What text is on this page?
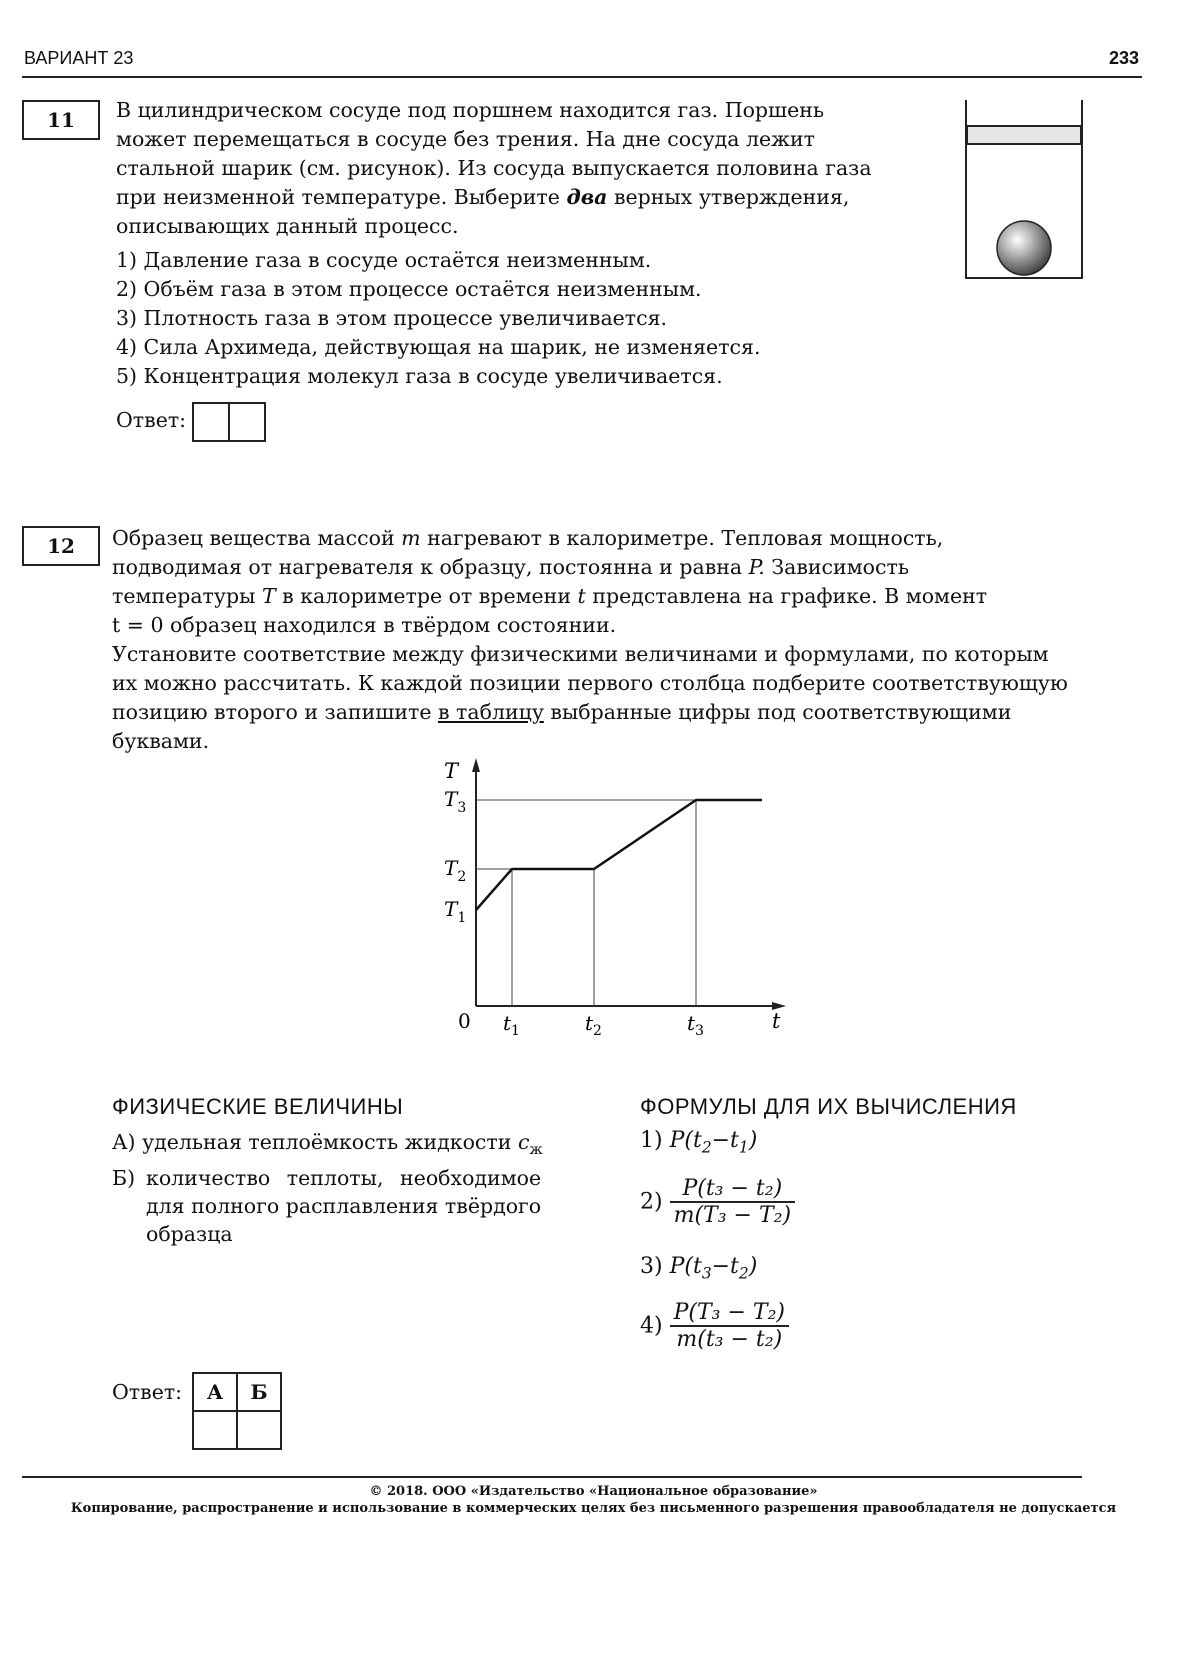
ВАРИАНТ 23	233
11	В цилиндрическом сосуде под поршнем находится газ. Поршень
может перемещаться в сосуде без трения. На дне сосуда лежит
стальной шарик (см. рисунок). Из сосуда выпускается половина газа
при неизменной температуре. Выберите два верных утверждения,
описывающих данный процесс.
1) Давление газа в сосуде остаётся неизменным.
2) Объём газа в этом процессе остаётся неизменным.
3) Плотность газа в этом процессе увеличивается.
4) Сила Архимеда, действующая на шарик, не изменяется.
5) Концентрация молекул газа в сосуде увеличивается.
Ответ:
12	Образец вещества массой m нагревают в калориметре. Тепловая мощность,
подводимая от нагревателя к образцу, постоянна и равна P. Зависимость
температуры T в калориметре от времени t представлена на графике. В момент
t = 0 образец находился в твёрдом состоянии.
Установите соответствие между физическими величинами и формулами, по которым
их можно рассчитать. К каждой позиции первого столбца подберите соответствующую
позицию второго и запишите в таблицу выбранные цифры под соответствующими
буквами.
T
t
0 $t_1$	$t_2$	$t_3$
$T_1$
$T_2$
$T_3$
ФИЗИЧЕСКИЕ ВЕЛИЧИНЫ	ФОРМУЛЫ ДЛЯ ИХ ВЫЧИСЛЕНИЯ
А) удельная теплоёмкость жидкости $c_ж$
Б) количество теплоты, необходимое
для полного расплавления твёрдого
образца
1) $P(t_2-t_1)$
$2) \frac{\text{P(t₃ − t₂)}}{\text{m(T₃ − T₂)}}$
3) $P(t_3-t_2)$
$4) \frac{\text{P(T₃ − T₂)}}{\text{m(t₃ − t₂)}}$
Ответ: А	Б

© 2018. ООО «Издательство «Национальное образование»
Копирование, распространение и использование в коммерческих целях без письменного разрешения правообладателя не допускается
